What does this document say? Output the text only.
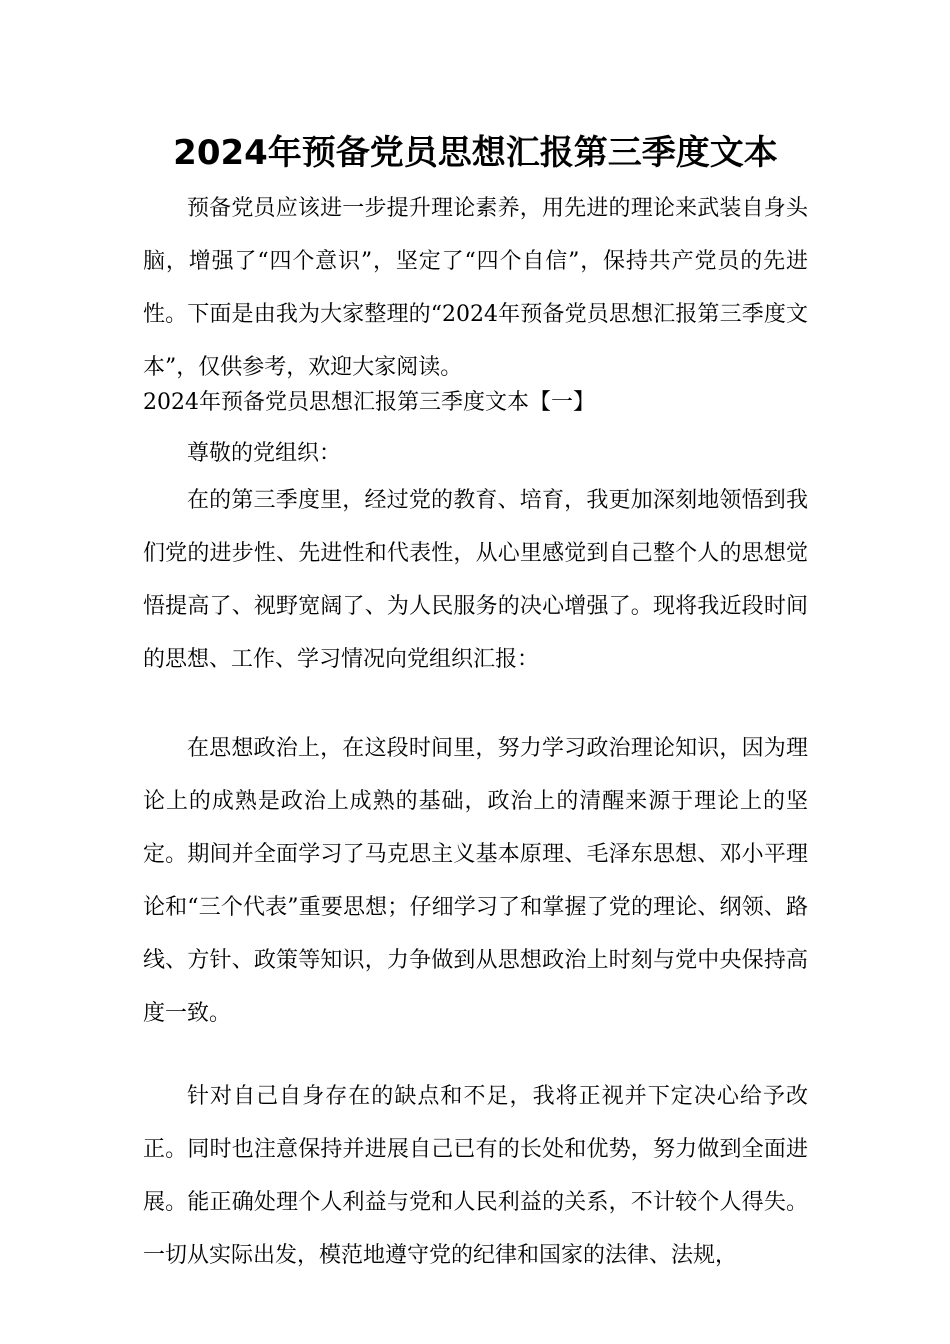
2024年预备党员思想汇报第三季度文本

预备党员应该进一步提升理论素养，用先进的理论来武装自身头脑，增强了“四个意识”，坚定了“四个自信”，保持共产党员的先进性。下面是由我为大家整理的“2024年预备党员思想汇报第三季度文本”，仅供参考，欢迎大家阅读。

2024年预备党员思想汇报第三季度文本【一】

尊敬的党组织：

在的第三季度里，经过党的教育、培育，我更加深刻地领悟到我们党的进步性、先进性和代表性，从心里感觉到自己整个人的思想觉悟提高了、视野宽阔了、为人民服务的决心增强了。现将我近段时间的思想、工作、学习情况向党组织汇报：

在思想政治上，在这段时间里，努力学习政治理论知识，因为理论上的成熟是政治上成熟的基础，政治上的清醒来源于理论上的坚定。期间并全面学习了马克思主义基本原理、毛泽东思想、邓小平理论和“三个代表”重要思想；仔细学习了和掌握了党的理论、纲领、路线、方针、政策等知识，力争做到从思想政治上时刻与党中央保持高度一致。

针对自己自身存在的缺点和不足，我将正视并下定决心给予改正。同时也注意保持并进展自己已有的长处和优势，努力做到全面进展。能正确处理个人利益与党和人民利益的关系，不计较个人得失。一切从实际出发，模范地遵守党的纪律和国家的法律、法规，
